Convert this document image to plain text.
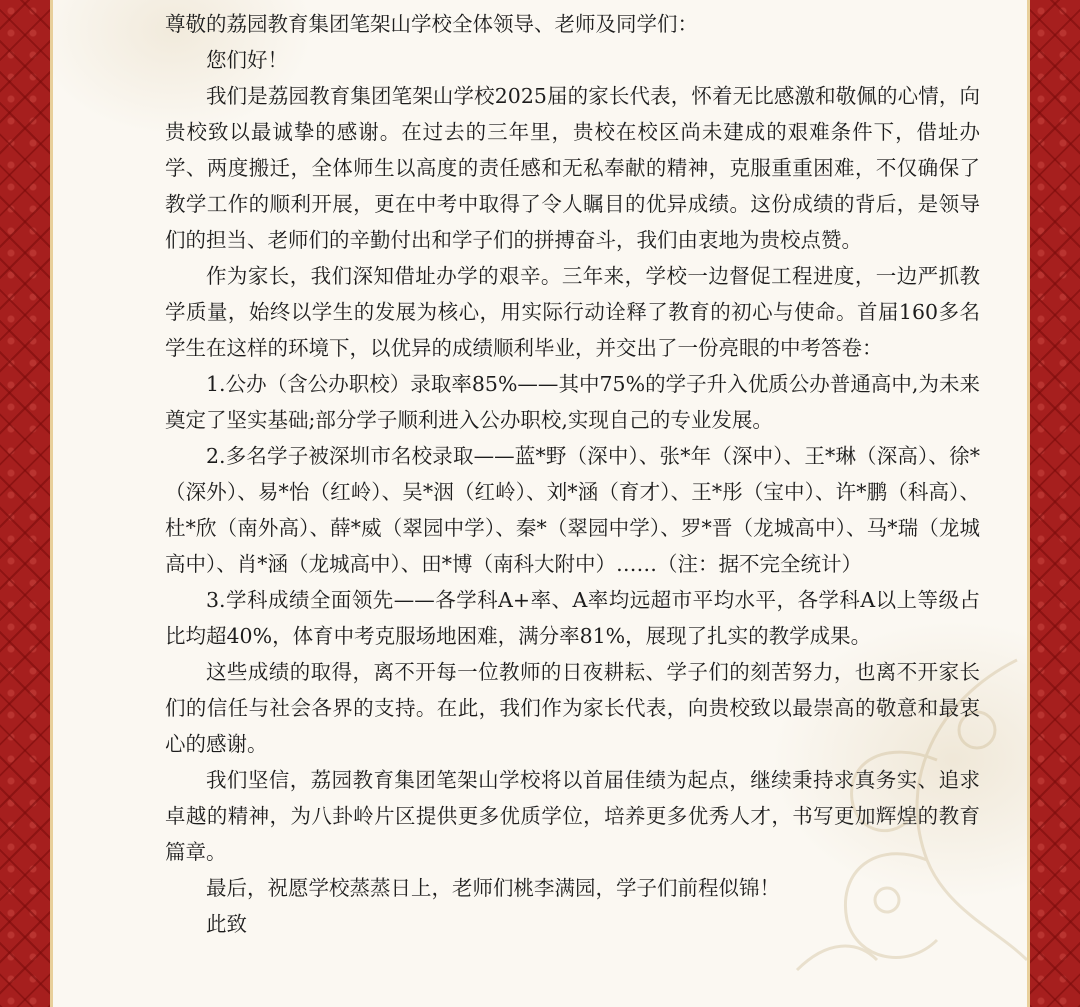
尊敬的荔园教育集团笔架山学校全体领导、老师及同学们：

您们好！

我们是荔园教育集团笔架山学校2025届的家长代表，怀着无比感激和敬佩的心情，向贵校致以最诚挚的感谢。在过去的三年里，贵校在校区尚未建成的艰难条件下，借址办学、两度搬迁，全体师生以高度的责任感和无私奉献的精神，克服重重困难，不仅确保了教学工作的顺利开展，更在中考中取得了令人瞩目的优异成绩。这份成绩的背后，是领导们的担当、老师们的辛勤付出和学子们的拼搏奋斗，我们由衷地为贵校点赞。

作为家长，我们深知借址办学的艰辛。三年来，学校一边督促工程进度，一边严抓教学质量，始终以学生的发展为核心，用实际行动诠释了教育的初心与使命。首届160多名学生在这样的环境下，以优异的成绩顺利毕业，并交出了一份亮眼的中考答卷：

1.公办（含公办职校）录取率85%——其中75%的学子升入优质公办普通高中,为未来奠定了坚实基础;部分学子顺利进入公办职校,实现自己的专业发展。

2.多名学子被深圳市名校录取——蓝*野（深中）、张*年（深中）、王*琳（深高）、徐*（深外）、易*怡（红岭）、吴*洇（红岭）、刘*涵（育才）、王*彤（宝中）、许*鹏（科高）、杜*欣（南外高）、薛*威（翠园中学）、秦*（翠园中学）、罗*晋（龙城高中）、马*瑞（龙城高中）、肖*涵（龙城高中）、田*博（南科大附中）……（注：据不完全统计）

3.学科成绩全面领先——各学科A+率、A率均远超市平均水平，各学科A以上等级占比均超40%，体育中考克服场地困难，满分率81%，展现了扎实的教学成果。

这些成绩的取得，离不开每一位教师的日夜耕耘、学子们的刻苦努力，也离不开家长们的信任与社会各界的支持。在此，我们作为家长代表，向贵校致以最崇高的敬意和最衷心的感谢。

我们坚信，荔园教育集团笔架山学校将以首届佳绩为起点，继续秉持求真务实、追求卓越的精神，为八卦岭片区提供更多优质学位，培养更多优秀人才，书写更加辉煌的教育篇章。

最后，祝愿学校蒸蒸日上，老师们桃李满园，学子们前程似锦！

此致
